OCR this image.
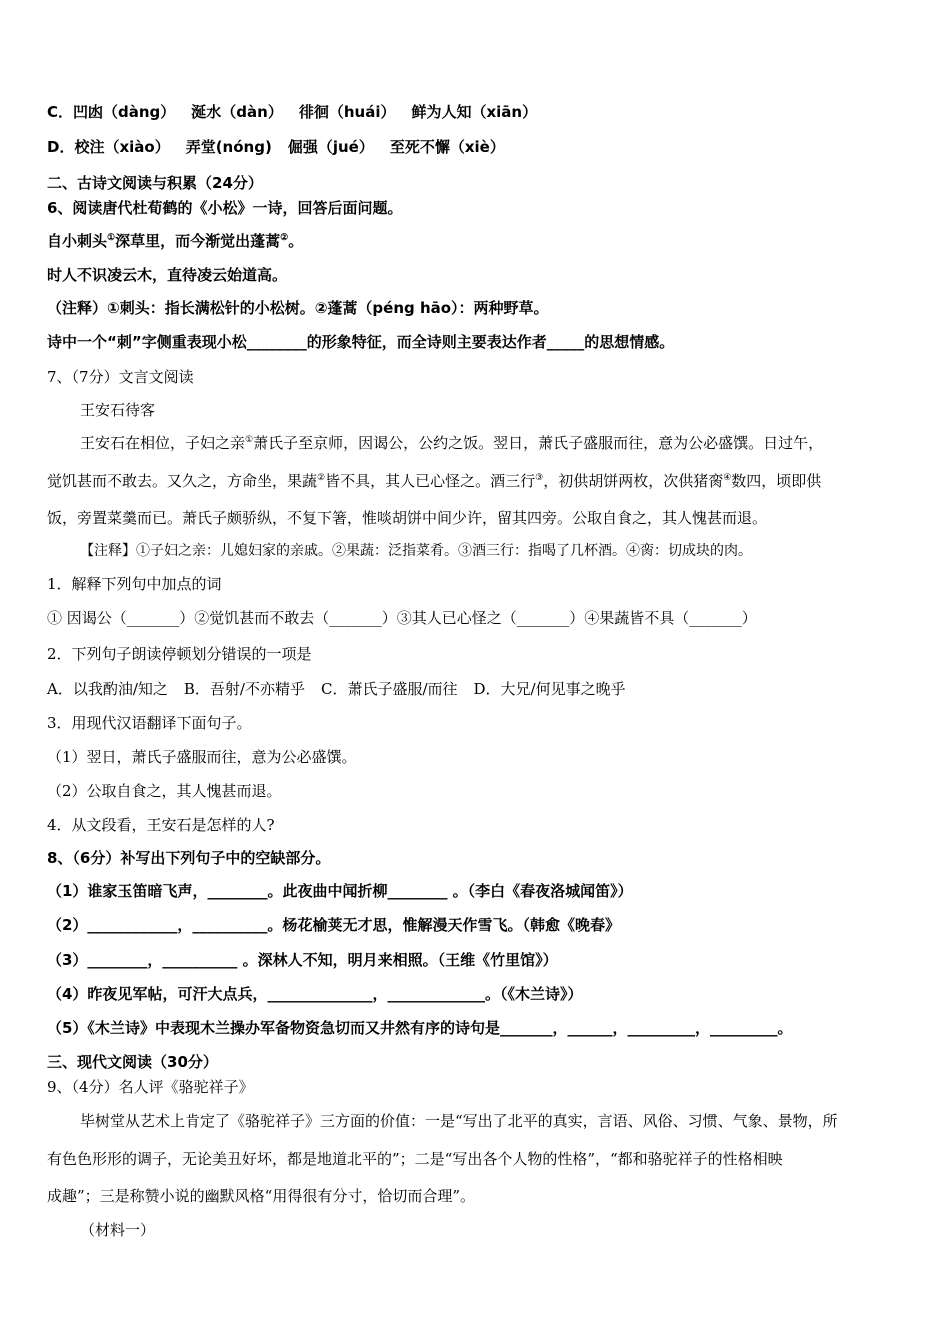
C．凹凼（dàng） 涎水（dàn） 徘徊（huái） 鲜为人知（xiān）
D．校注（xiào） 弄堂(nóng) 倔强（jué） 至死不懈（xiè）
二、古诗文阅读与积累（24分）
6、阅读唐代杜荀鹤的《小松》一诗，回答后面问题。
自小刺头①深草里，而今渐觉出蓬蒿②。
时人不识凌云木，直待凌云始道高。
（注释）①刺头：指长满松针的小松树。②蓬蒿（péng hāo）：两种野草。
诗中一个“刺”字侧重表现小松________的形象特征，而全诗则主要表达作者_____的思想情感。
7、（7分）文言文阅读
王安石待客
王安石在相位，子妇之亲①萧氏子至京师，因谒公，公约之饭。翌日，萧氏子盛服而往，意为公必盛馔。日过午，
觉饥甚而不敢去。又久之，方命坐，果蔬②皆不具，其人已心怪之。酒三行③，初供胡饼两枚，次供猪脔④数四，顷即供
饭，旁置菜羹而已。萧氏子颇骄纵，不复下箸，惟啖胡饼中间少许，留其四旁。公取自食之，其人愧甚而退。
【注释】①子妇之亲：儿媳妇家的亲戚。②果蔬：泛指菜肴。③酒三行：指喝了几杯酒。④脔：切成块的肉。
1．解释下列句中加点的词
① 因谒公（_______）②觉饥甚而不敢去（_______）③其人已心怪之（_______）④果蔬皆不具（_______）
2．下列句子朗读停顿划分错误的一项是
A．以我酌油/知之 B．吾射/不亦精乎 C．萧氏子盛服/而往 D．大兄/何见事之晚乎
3．用现代汉语翻译下面句子。
（1）翌日，萧氏子盛服而往，意为公必盛馔。
（2）公取自食之，其人愧甚而退。
4．从文段看，王安石是怎样的人?
8、（6分）补写出下列句子中的空缺部分。
（1）谁家玉笛暗飞声，________。此夜曲中闻折柳________ 。（李白《春夜洛城闻笛》）
（2）____________，__________。杨花榆荚无才思，惟解漫天作雪飞。（韩愈《晚春》
（3）________，__________ 。深林人不知，明月来相照。（王维《竹里馆》）
（4）昨夜见军帖，可汗大点兵，______________，_____________。（《木兰诗》）
（5）《木兰诗》中表现木兰操办军备物资急切而又井然有序的诗句是_______，______，_________，_________。
三、现代文阅读（30分）
9、（4分）名人评《骆驼祥子》
毕树堂从艺术上肯定了《骆驼祥子》三方面的价值：一是“写出了北平的真实，言语、风俗、习惯、气象、景物，所
有色色形形的调子，无论美丑好坏，都是地道北平的”；二是“写出各个人物的性格”，“都和骆驼祥子的性格相映
成趣”；三是称赞小说的幽默风格“用得很有分寸，恰切而合理”。
（材料一）
